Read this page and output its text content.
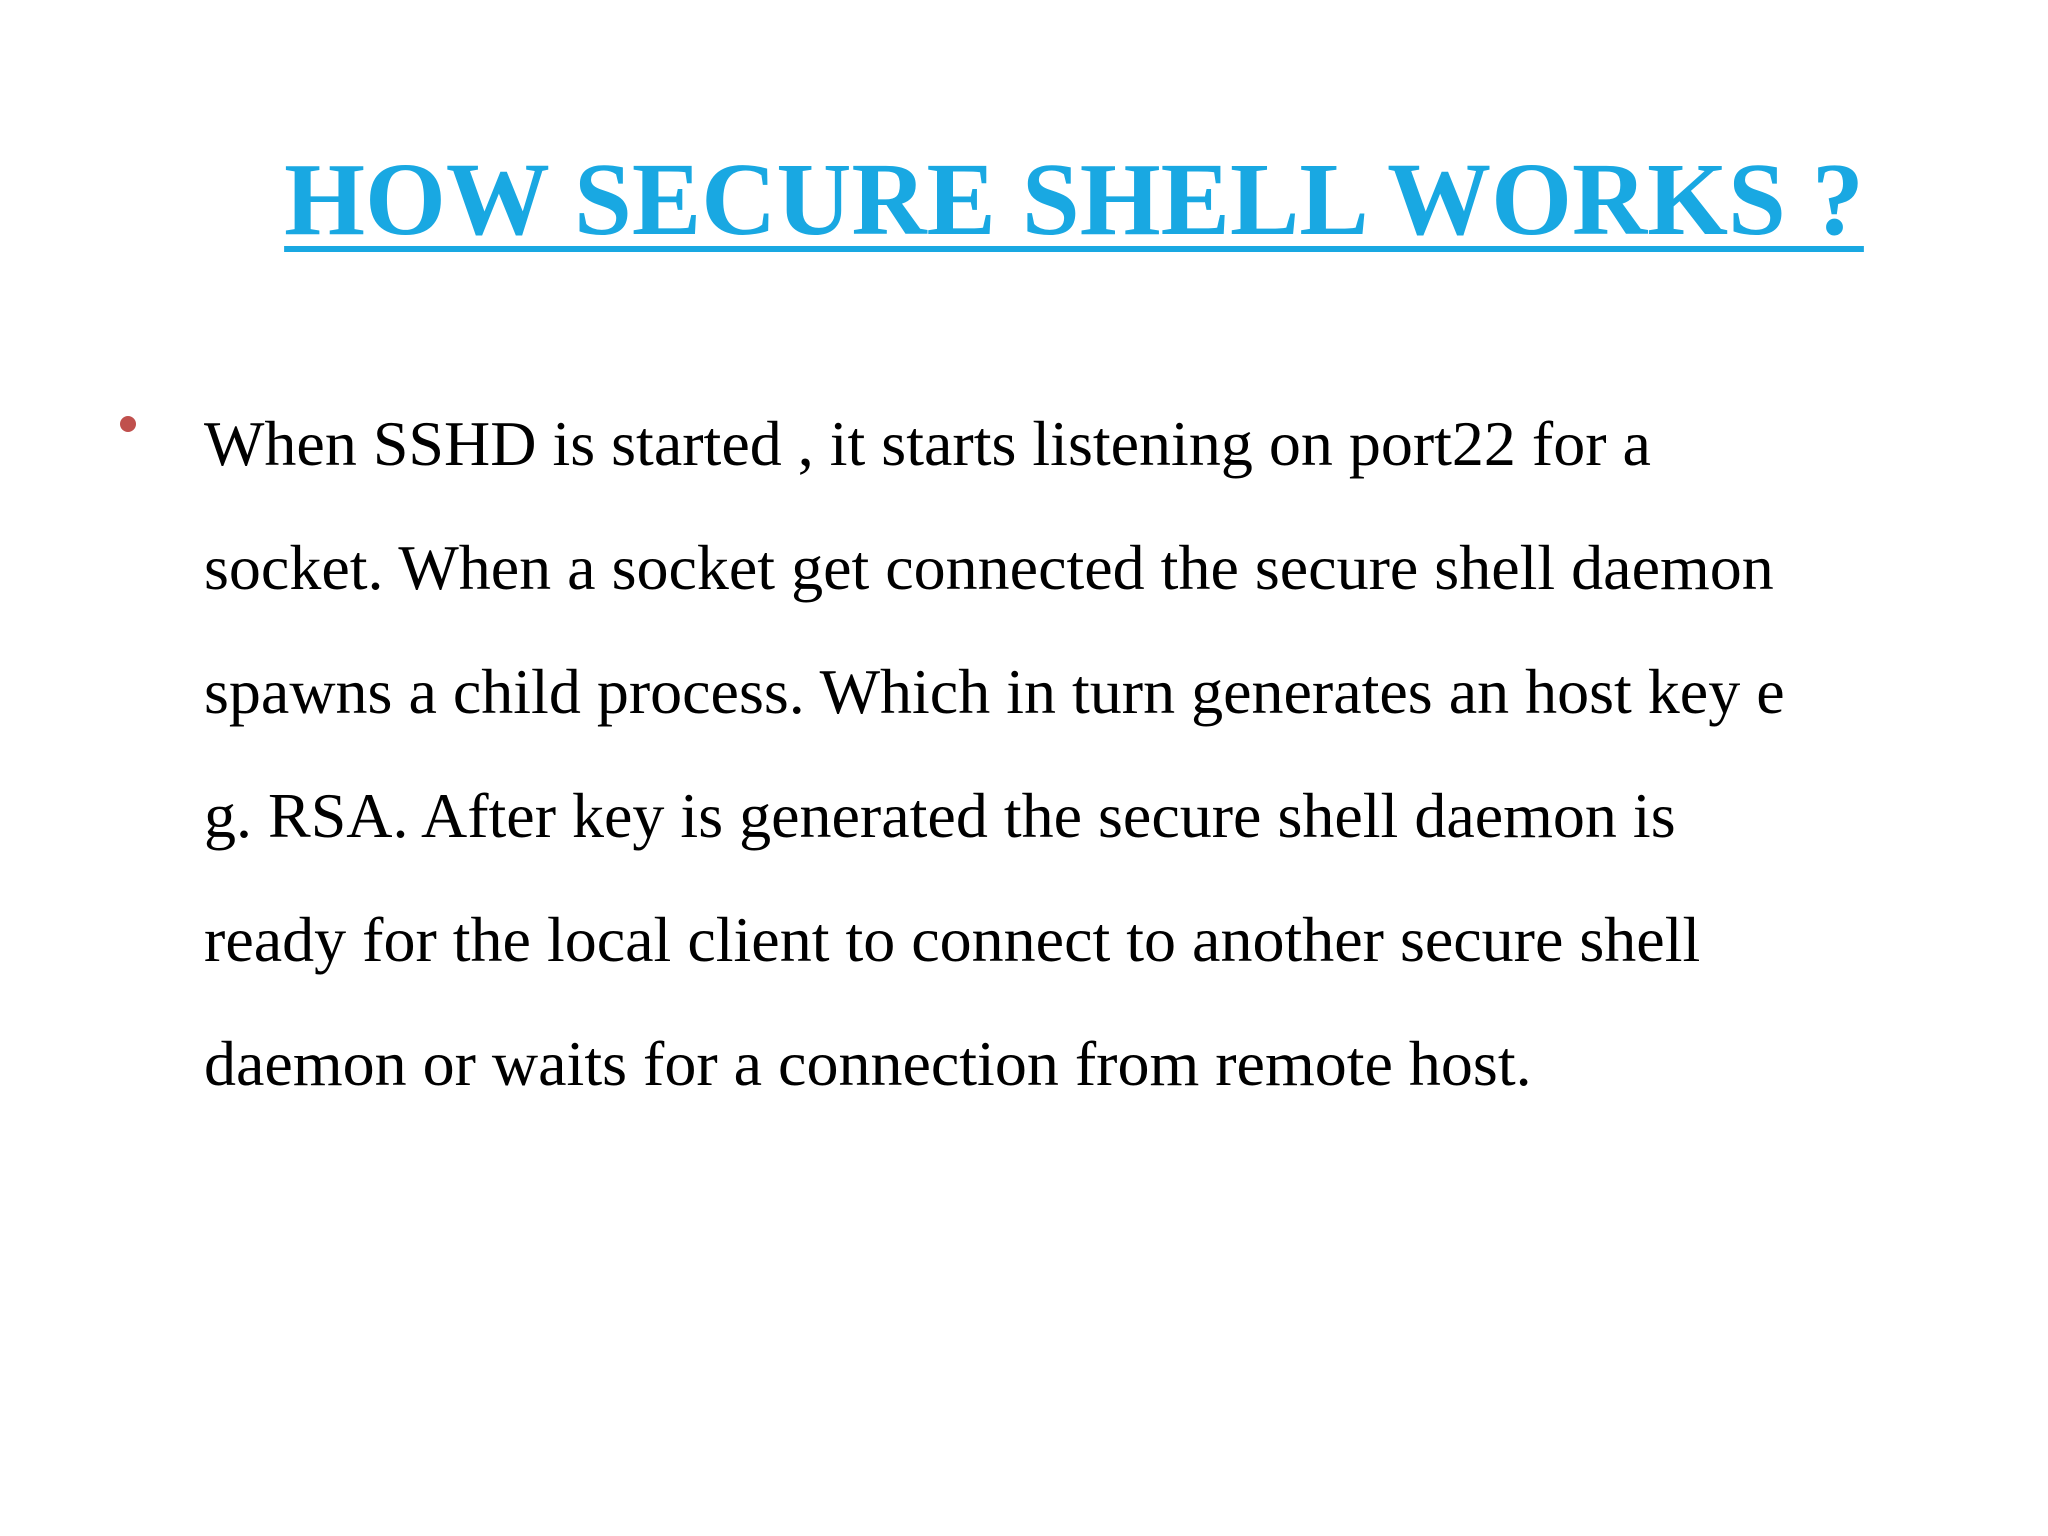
HOW SECURE SHELL WORKS ?
When SSHD is started , it starts listening on port22 for a
socket. When a socket get connected the secure shell daemon
spawns a child process. Which in turn generates an host key e
g. RSA. After key is generated the secure shell daemon is
ready for the local client to connect to another secure shell
daemon or waits for a connection from remote host.
